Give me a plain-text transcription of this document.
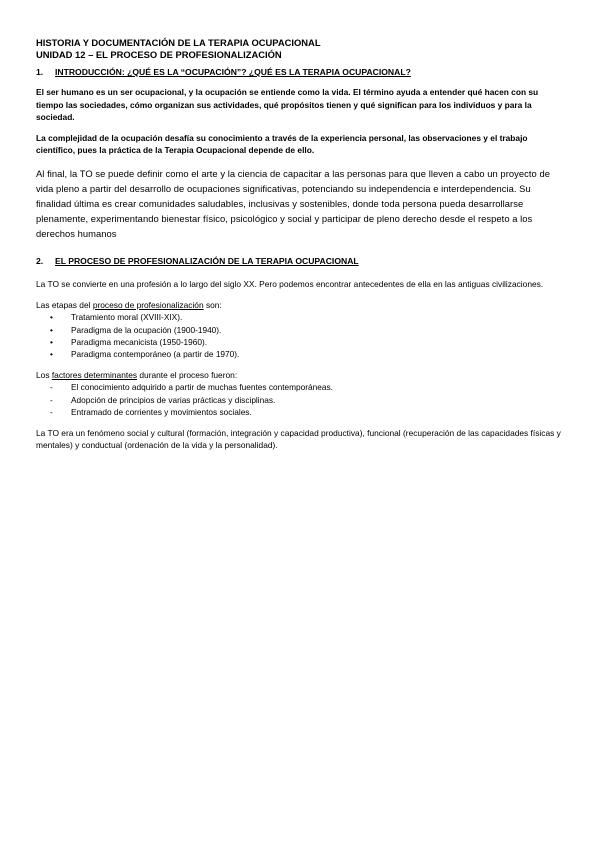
HISTORIA Y DOCUMENTACIÓN DE LA TERAPIA OCUPACIONAL

UNIDAD 12 – EL PROCESO DE PROFESIONALIZACIÓN

1.	INTRODUCCIÓN: ¿QUÉ ES LA “OCUPACIÓN”? ¿QUÉ ES LA TERAPIA OCUPACIONAL?

El ser humano es un ser ocupacional, y la ocupación se entiende como la vida. El término ayuda a entender qué hacen con su tiempo las sociedades, cómo organizan sus actividades, qué propósitos tienen y qué significan para los individuos y para la sociedad.

La complejidad de la ocupación desafía su conocimiento a través de la experiencia personal, las observaciones y el trabajo científico, pues la práctica de la Terapia Ocupacional depende de ello.

Al final, la TO se puede definir como el arte y la ciencia de capacitar a las personas para que lleven a cabo un proyecto de vida pleno a partir del desarrollo de ocupaciones significativas, potenciando su independencia e interdependencia. Su finalidad última es crear comunidades saludables, inclusivas y sostenibles, donde toda persona pueda desarrollarse plenamente, experimentando bienestar físico, psicológico y social y participar de pleno derecho desde el respeto a los derechos humanos

2.	EL PROCESO DE PROFESIONALIZACIÓN DE LA TERAPIA OCUPACIONAL

La TO se convierte en una profesión a lo largo del siglo XX. Pero podemos encontrar antecedentes de ella en las antiguas civilizaciones.

Las etapas del proceso de profesionalización son:

•	Tratamiento moral (XVIII-XIX).
•	Paradigma de la ocupación (1900-1940).
•	Paradigma mecanicista (1950-1960).
•	Paradigma contemporáneo (a partir de 1970).

Los factores determinantes durante el proceso fueron:

-	El conocimiento adquirido a partir de muchas fuentes contemporáneas.
-	Adopción de principios de varias prácticas y disciplinas.
-	Entramado de corrientes y movimientos sociales.

La TO era un fenómeno social y cultural (formación, integración y capacidad productiva), funcional (recuperación de las capacidades físicas y mentales) y conductual (ordenación de la vida y la personalidad).
